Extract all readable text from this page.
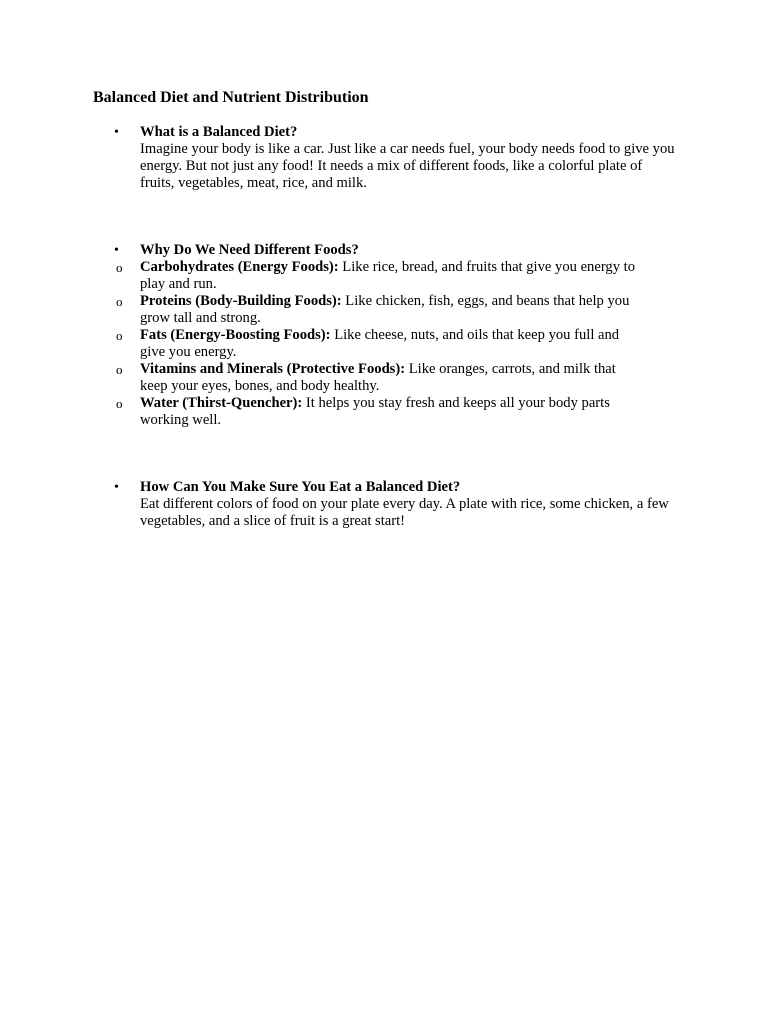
Balanced Diet and Nutrient Distribution
• What is a Balanced Diet?
Imagine your body is like a car. Just like a car needs fuel, your body needs food to give you energy. But not just any food! It needs a mix of different foods, like a colorful plate of fruits, vegetables, meat, rice, and milk.
• Why Do We Need Different Foods?
o Carbohydrates (Energy Foods): Like rice, bread, and fruits that give you energy to play and run.
o Proteins (Body-Building Foods): Like chicken, fish, eggs, and beans that help you grow tall and strong.
o Fats (Energy-Boosting Foods): Like cheese, nuts, and oils that keep you full and give you energy.
o Vitamins and Minerals (Protective Foods): Like oranges, carrots, and milk that keep your eyes, bones, and body healthy.
o Water (Thirst-Quencher): It helps you stay fresh and keeps all your body parts working well.
• How Can You Make Sure You Eat a Balanced Diet?
Eat different colors of food on your plate every day. A plate with rice, some chicken, a few vegetables, and a slice of fruit is a great start!
